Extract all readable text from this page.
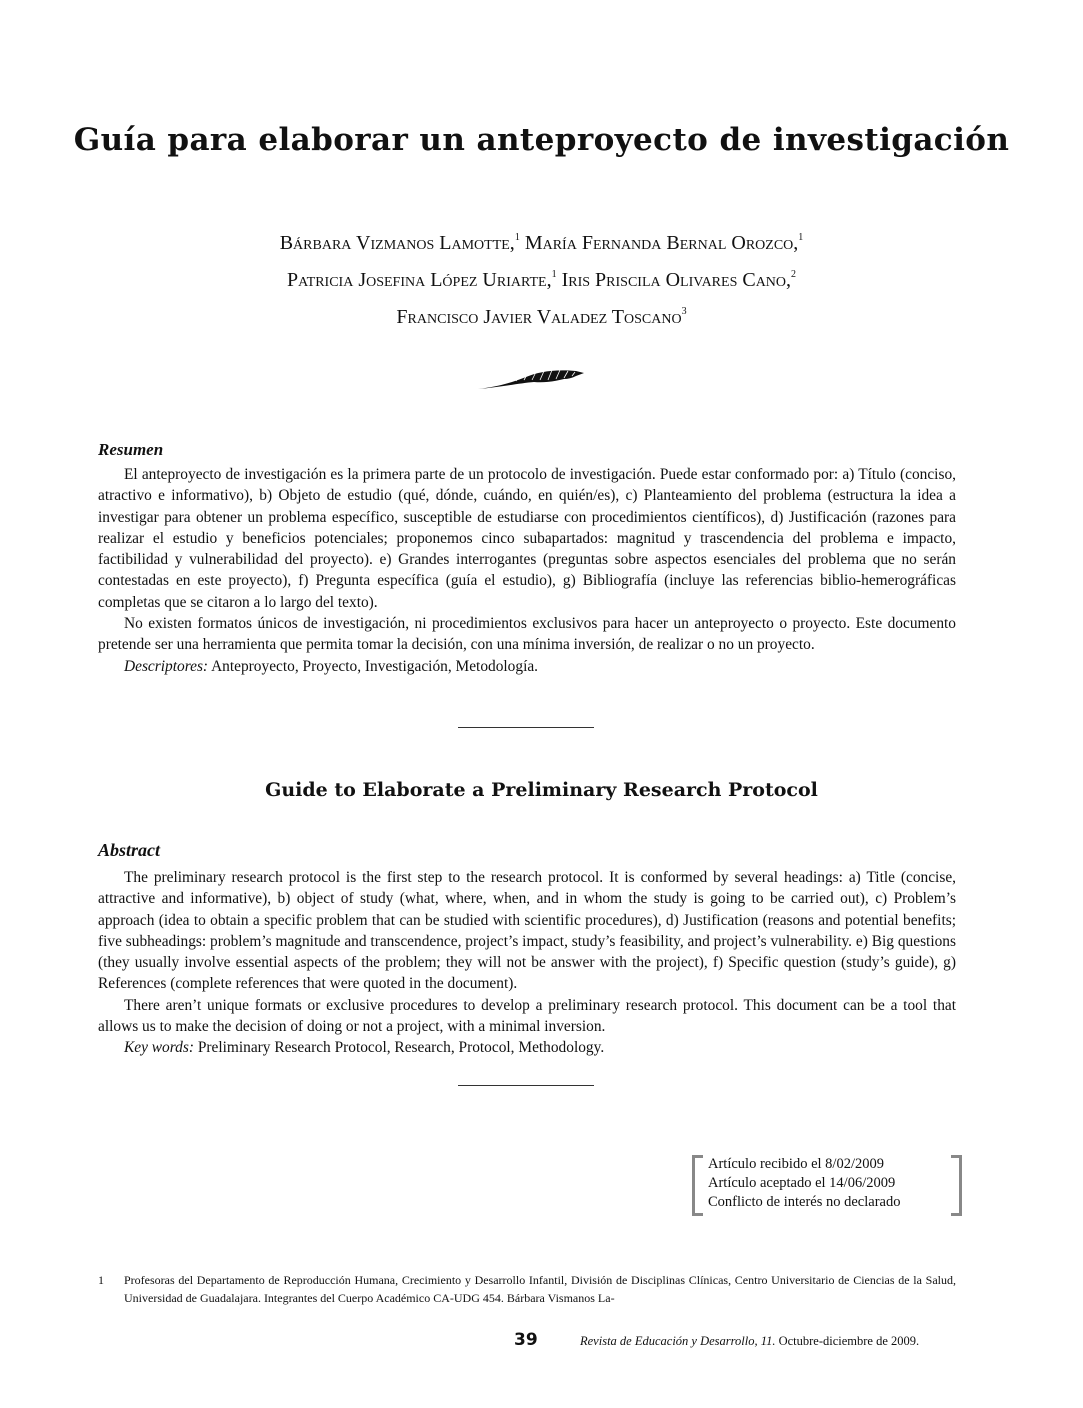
Guía para elaborar un anteproyecto de investigación
Bárbara Vizmanos Lamotte,$^1$ María Fernanda Bernal Orozco,$^1$
Patricia Josefina López Uriarte,$^1$ Iris Priscila Olivares Cano,$^2$
Francisco Javier Valadez Toscano$^3$
Resumen

El anteproyecto de investigación es la primera parte de un protocolo de investigación. Puede estar conformado por: a) Título (conciso, atractivo e informativo), b) Objeto de estudio (qué, dónde, cuándo, en quién/es), c) Planteamiento del problema (estructura la idea a investigar para obtener un problema específico, susceptible de estudiarse con procedimientos científicos), d) Justificación (razones para realizar el estudio y beneficios potenciales; proponemos cinco subapartados: magnitud y trascendencia del problema e impacto, factibilidad y vulnerabilidad del proyecto). e) Grandes interrogantes (preguntas sobre aspectos esenciales del problema que no serán contestadas en este proyecto), f) Pregunta específica (guía el estudio), g) Bibliografía (incluye las referencias biblio-hemerográficas completas que se citaron a lo largo del texto).

No existen formatos únicos de investigación, ni procedimientos exclusivos para hacer un anteproyecto o proyecto. Este documento pretende ser una herramienta que permita tomar la decisión, con una mínima inversión, de realizar o no un proyecto.

Descriptores: Anteproyecto, Proyecto, Investigación, Metodología.

Guide to Elaborate a Preliminary Research Protocol
Abstract

The preliminary research protocol is the first step to the research protocol. It is conformed by several headings: a) Title (concise, attractive and informative), b) object of study (what, where, when, and in whom the study is going to be carried out), c) Problem’s approach (idea to obtain a specific problem that can be studied with scientific procedures), d) Justification (reasons and potential benefits; five subheadings: problem’s magnitude and transcendence, project’s impact, study’s feasibility, and project’s vulnerability. e) Big questions (they usually involve essential aspects of the problem; they will not be answer with the project), f) Specific question (study’s guide), g) References (complete references that were quoted in the document).

There aren’t unique formats or exclusive procedures to develop a preliminary research protocol. This document can be a tool that allows us to make the decision of doing or not a project, with a minimal inversion.

Key words: Preliminary Research Protocol, Research, Protocol, Methodology.

Artículo recibido el 8/02/2009
Artículo aceptado el 14/06/2009
Conflicto de interés no declarado
1 Profesoras del Departamento de Reproducción Humana, Crecimiento y Desarrollo Infantil, División de Disciplinas Clínicas, Centro Universitario de Ciencias de la Salud, Universidad de Guadalajara. Integrantes del Cuerpo Académico CA-UDG 454. Bárbara Vismanos La-

39	Revista de Educación y Desarrollo, 11. Octubre-diciembre de 2009.
